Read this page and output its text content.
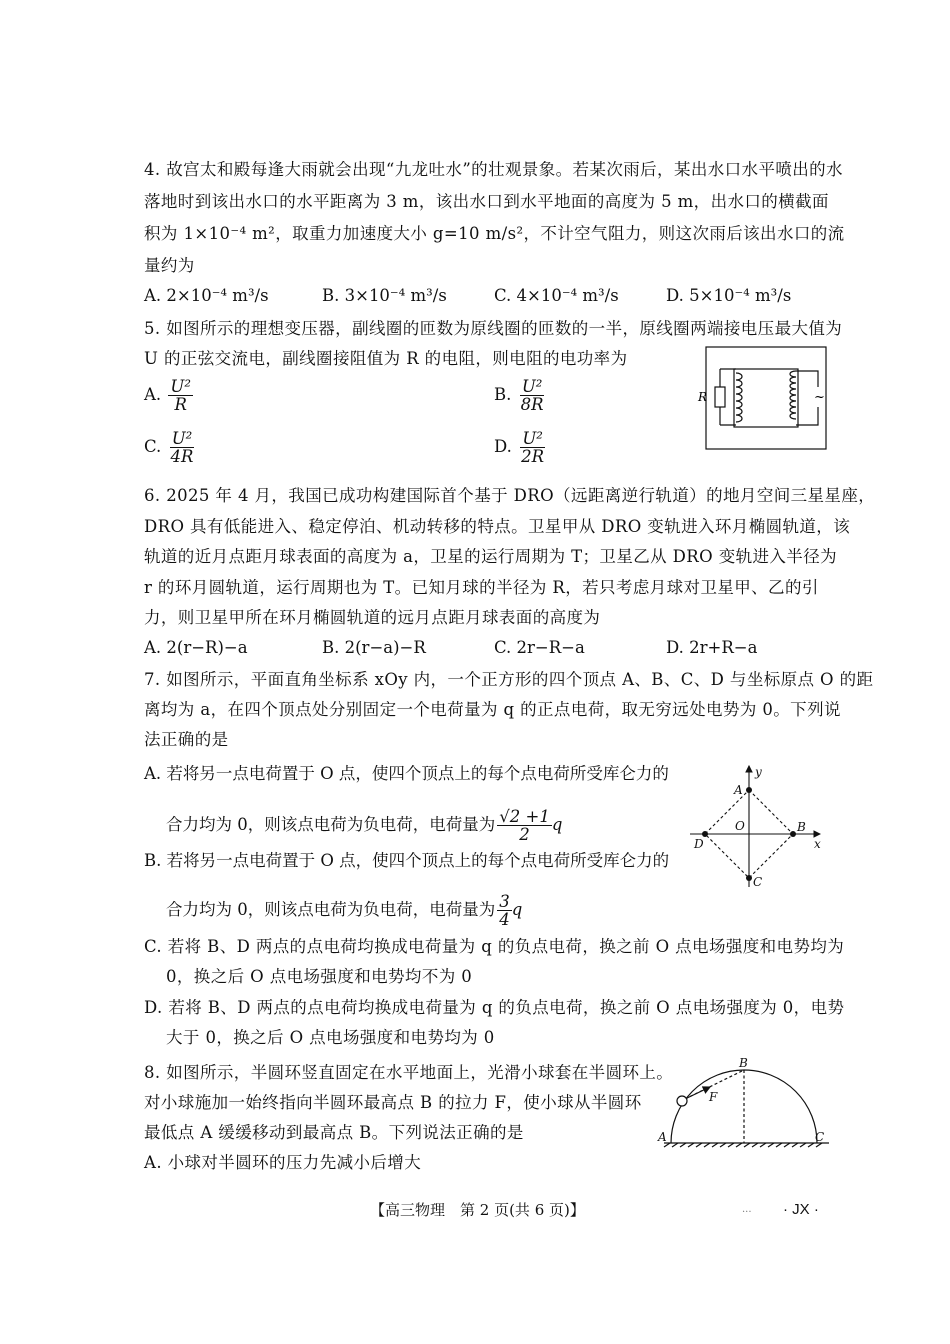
4. 故宫太和殿每逢大雨就会出现“九龙吐水”的壮观景象。若某次雨后，某出水口水平喷出的水
落地时到该出水口的水平距离为 3 m，该出水口到水平地面的高度为 5 m，出水口的横截面
积为 1×10⁻⁴ m²，取重力加速度大小 g=10 m/s²，不计空气阻力，则这次雨后该出水口的流
量约为
A. 2×10⁻⁴ m³/s	B. 3×10⁻⁴ m³/s	C. 4×10⁻⁴ m³/s	D. 5×10⁻⁴ m³/s
5. 如图所示的理想变压器，副线圈的匝数为原线圈的匝数的一半，原线圈两端接电压最大值为
U 的正弦交流电，副线圈接阻值为 R 的电阻，则电阻的电功率为
A. $\frac{\text{U²}}{R}$	B. $\frac{\text{U²}}{8R}$
C. $\frac{\text{U²}}{4R}$	D. $\frac{\text{U²}}{2R}$
R	~
6. 2025 年 4 月，我国已成功构建国际首个基于 DRO（远距离逆行轨道）的地月空间三星星座，
DRO 具有低能进入、稳定停泊、机动转移的特点。卫星甲从 DRO 变轨进入环月椭圆轨道，该
轨道的近月点距月球表面的高度为 a，卫星的运行周期为 T；卫星乙从 DRO 变轨进入半径为
r 的环月圆轨道，运行周期也为 T。已知月球的半径为 R，若只考虑月球对卫星甲、乙的引
力，则卫星甲所在环月椭圆轨道的远月点距月球表面的高度为
A. 2(r−R)−a	B. 2(r−a)−R	C. 2r−R−a	D. 2r+R−a
7. 如图所示，平面直角坐标系 xOy 内，一个正方形的四个顶点 A、B、C、D 与坐标原点 O 的距
离均为 a，在四个顶点处分别固定一个电荷量为 q 的正点电荷，取无穷远处电势为 0。下列说
法正确的是
A. 若将另一点电荷置于 O 点，使四个顶点上的每个点电荷所受库仑力的
合力均为 0，则该点电荷为负电荷，电荷量为 $\frac{√2 +1}{2}$ q
B. 若将另一点电荷置于 O 点，使四个顶点上的每个点电荷所受库仑力的
合力均为 0，则该点电荷为负电荷，电荷量为 $\frac{3}{4}$ q
C. 若将 B、D 两点的点电荷均换成电荷量为 q 的负点电荷，换之前 O 点电场强度和电势均为
0，换之后 O 点电场强度和电势均不为 0
D. 若将 B、D 两点的点电荷均换成电荷量为 q 的负点电荷，换之前 O 点电场强度为 0，电势
大于 0，换之后 O 点电场强度和电势均为 0
y
x
A
B
C
D
O
8. 如图所示，半圆环竖直固定在水平地面上，光滑小球套在半圆环上。
对小球施加一始终指向半圆环最高点 B 的拉力 F，使小球从半圆环
最低点 A 缓缓移动到最高点 B。下列说法正确的是
A. 小球对半圆环的压力先减小后增大
B
A	C
F
【高三物理　第 2 页(共 6 页)】	... · JX ·
